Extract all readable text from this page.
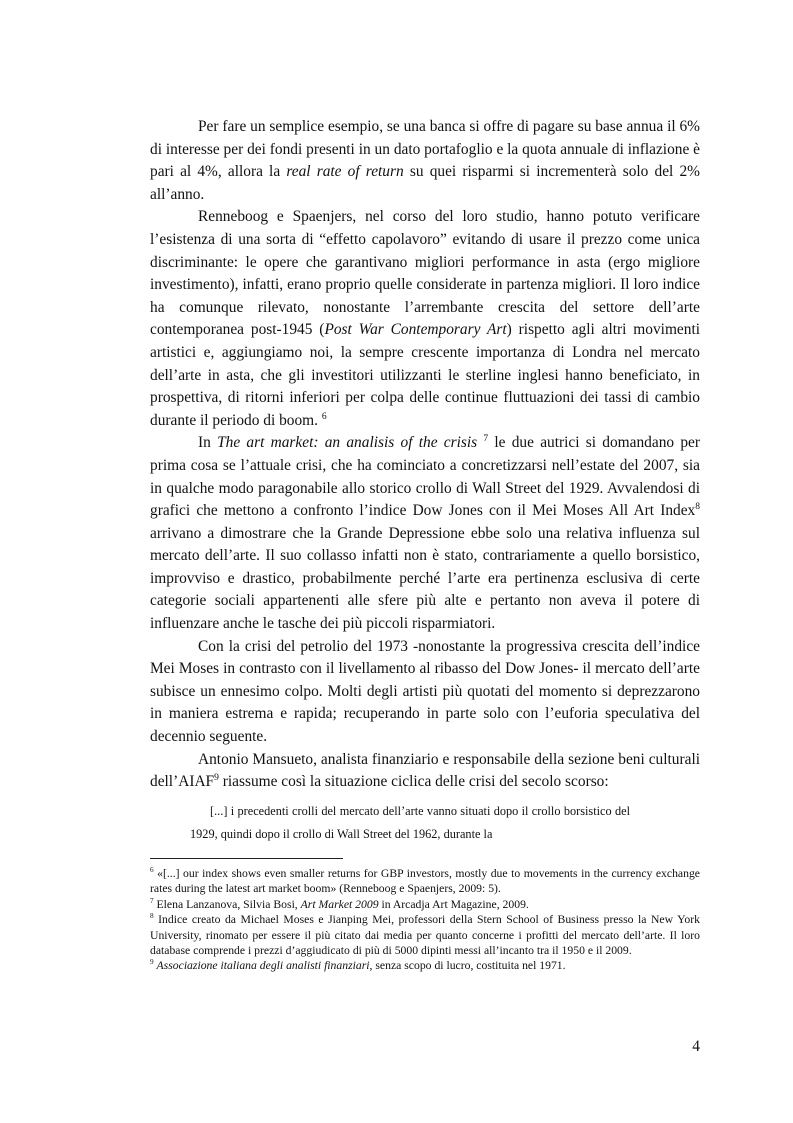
Per fare un semplice esempio, se una banca si offre di pagare su base annua il 6% di interesse per dei fondi presenti in un dato portafoglio e la quota annuale di inflazione è pari al 4%, allora la real rate of return su quei risparmi si incrementerà solo del 2% all’anno.

Renneboog e Spaenjers, nel corso del loro studio, hanno potuto verificare l’esistenza di una sorta di “effetto capolavoro” evitando di usare il prezzo come unica discriminante: le opere che garantivano migliori performance in asta (ergo migliore investimento), infatti, erano proprio quelle considerate in partenza migliori. Il loro indice ha comunque rilevato, nonostante l’arrembante crescita del settore dell’arte contemporanea post-1945 (Post War Contemporary Art) rispetto agli altri movimenti artistici e, aggiungiamo noi, la sempre crescente importanza di Londra nel mercato dell’arte in asta, che gli investitori utilizzanti le sterline inglesi hanno beneficiato, in prospettiva, di ritorni inferiori per colpa delle continue fluttuazioni dei tassi di cambio durante il periodo di boom. $^6$

In The art market: an analisis of the crisis $^7$ le due autrici si domandano per prima cosa se l’attuale crisi, che ha cominciato a concretizzarsi nell’estate del 2007, sia in qualche modo paragonabile allo storico crollo di Wall Street del 1929. Avvalendosi di grafici che mettono a confronto l’indice Dow Jones con il Mei Moses All Art Index$^8$ arrivano a dimostrare che la Grande Depressione ebbe solo una relativa influenza sul mercato dell’arte. Il suo collasso infatti non è stato, contrariamente a quello borsistico, improvviso e drastico, probabilmente perché l’arte era pertinenza esclusiva di certe categorie sociali appartenenti alle sfere più alte e pertanto non aveva il potere di influenzare anche le tasche dei più piccoli risparmiatori.

Con la crisi del petrolio del 1973 -nonostante la progressiva crescita dell’indice Mei Moses in contrasto con il livellamento al ribasso del Dow Jones- il mercato dell’arte subisce un ennesimo colpo. Molti degli artisti più quotati del momento si deprezzarono in maniera estrema e rapida; recuperando in parte solo con l’euforia speculativa del decennio seguente.

Antonio Mansueto, analista finanziario e responsabile della sezione beni culturali dell’AIAF$^9$ riassume così la situazione ciclica delle crisi del secolo scorso:

[...] i precedenti crolli del mercato dell’arte vanno situati dopo il crollo borsistico del 1929, quindi dopo il crollo di Wall Street del 1962, durante la

$^6$ «[...] our index shows even smaller returns for GBP investors, mostly due to movements in the currency exchange rates during the latest art market boom» (Renneboog e Spaenjers, 2009: 5).

$^7$ Elena Lanzanova, Silvia Bosi, Art Market 2009 in Arcadja Art Magazine, 2009.

$^8$ Indice creato da Michael Moses e Jianping Mei, professori della Stern School of Business presso la New York University, rinomato per essere il più citato dai media per quanto concerne i profitti del mercato dell’arte. Il loro database comprende i prezzi d’aggiudicato di più di 5000 dipinti messi all’incanto tra il 1950 e il 2009.

$^9$ Associazione italiana degli analisti finanziari, senza scopo di lucro, costituita nel 1971.

4
